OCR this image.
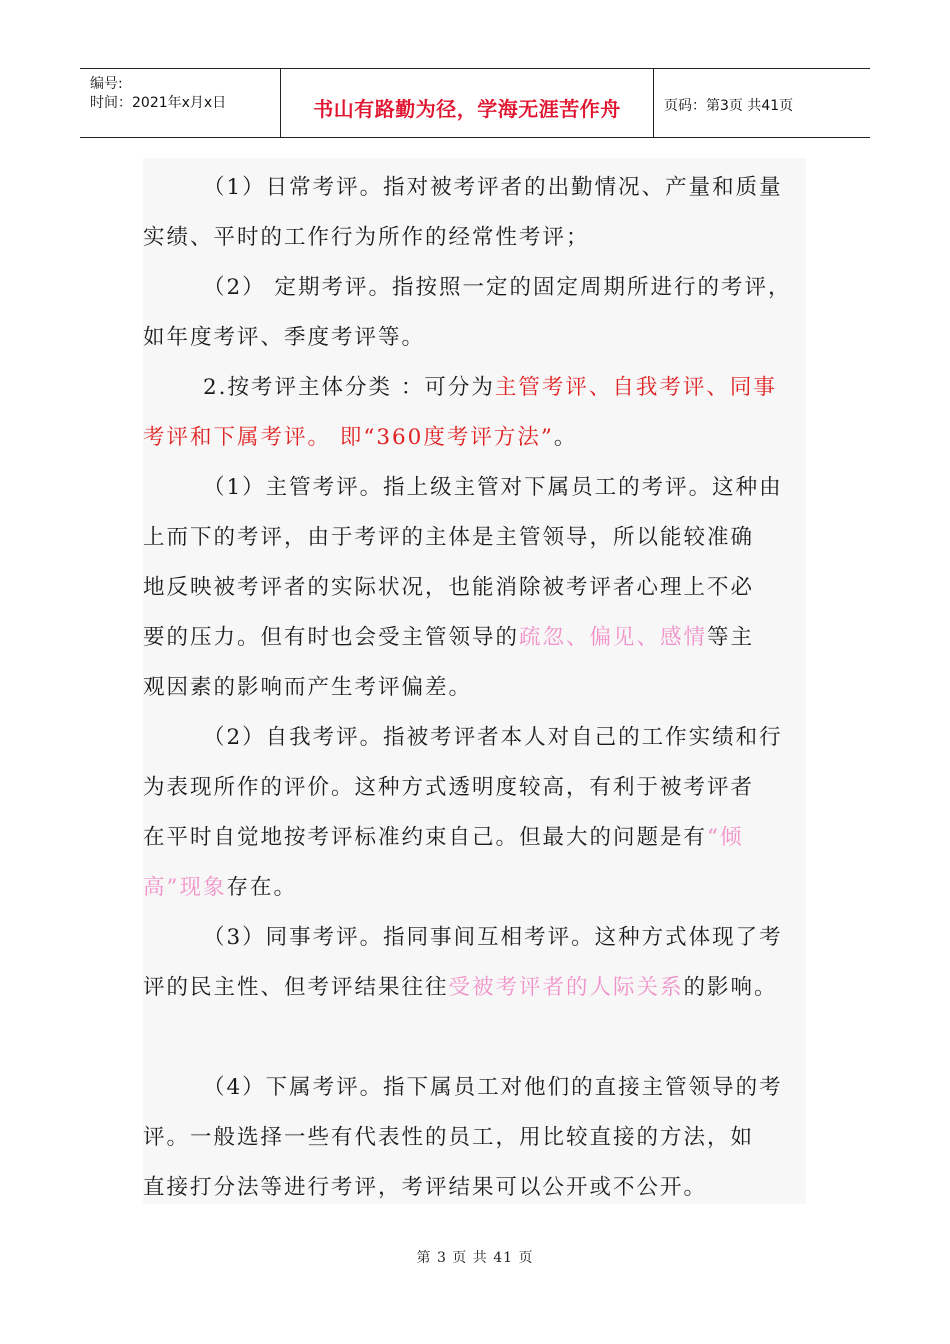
编号:
时间：2021年x月x日	书山有路勤为径，学海无涯苦作舟	页码：第3页 共41页
（1）日常考评。指对被考评者的出勤情况、产量和质量
实绩、平时的工作行为所作的经常性考评；
（2） 定期考评。指按照一定的固定周期所进行的考评，
如年度考评、季度考评等。
2.按考评主体分类 ：可分为主管考评、自我考评、同事
考评和下属考评。 即“360度考评方法”。
（1）主管考评。指上级主管对下属员工的考评。这种由
上而下的考评，由于考评的主体是主管领导，所以能较准确
地反映被考评者的实际状况，也能消除被考评者心理上不必
要的压力。但有时也会受主管领导的疏忽、偏见、感情等主
观因素的影响而产生考评偏差。
（2）自我考评。指被考评者本人对自己的工作实绩和行
为表现所作的评价。这种方式透明度较高，有利于被考评者
在平时自觉地按考评标准约束自己。但最大的问题是有“倾
高”现象存在。
（3）同事考评。指同事间互相考评。这种方式体现了考
评的民主性、但考评结果往往受被考评者的人际关系的影响。
（4）下属考评。指下属员工对他们的直接主管领导的考
评。一般选择一些有代表性的员工，用比较直接的方法，如
直接打分法等进行考评，考评结果可以公开或不公开。
第 3 页 共 41 页
